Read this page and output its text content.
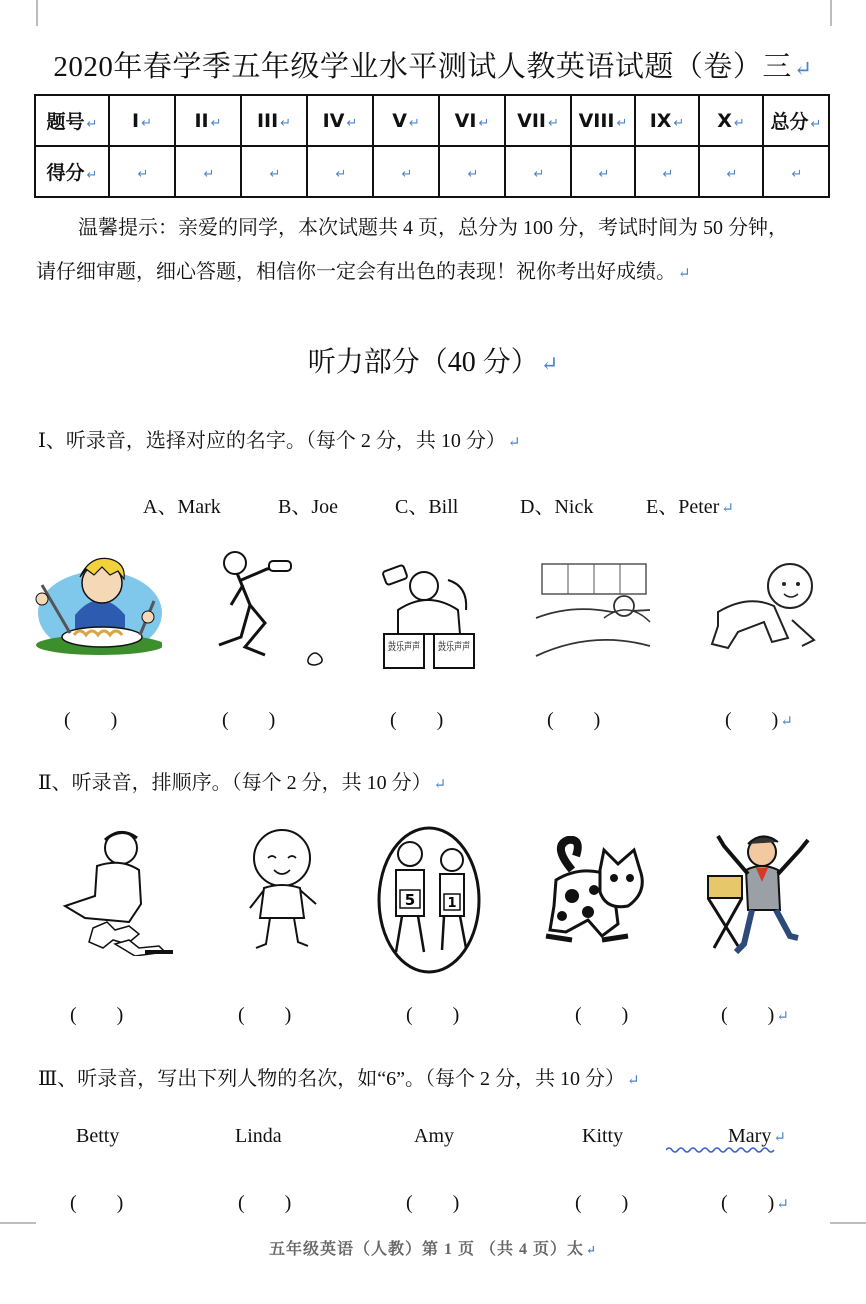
2020年春学季五年级学业水平测试人教英语试题（卷）三↵
题号 ↵	I ↵	II ↵	III ↵	IV ↵	V ↵	VI ↵	VII ↵	VIII ↵	IX ↵	X ↵	总分 ↵
得分 ↵	↵	↵	↵	↵	↵	↵	↵	↵	↵	↵	↵
温馨提示：亲爱的同学，本次试题共 4 页，总分为 100 分，考试时间为 50 分钟，
请仔细审题，细心答题，相信你一定会有出色的表现！祝你考出好成绩。 ↵
听力部分（40 分）↵
Ⅰ、听录音，选择对应的名字。（每个 2 分，共 10 分） ↵
A、Mark	B、Joe	C、Bill	D、Nick	E、Peter ↵
鼓乐声声 鼓乐声声
(　　)	(　　)	(　　)	(　　)	(　　) ↵
Ⅱ、听录音，排顺序。（每个 2 分，共 10 分） ↵
5 1
(　　)	(　　)	(　　)	(　　)	(　　) ↵
Ⅲ、听录音，写出下列人物的名次，如“6”。（每个 2 分，共 10 分） ↵
Betty	Linda	Amy	Kitty	Mary ↵
(　　)	(　　)	(　　)	(　　)	(　　) ↵
五年级英语（人教）第 1 页 （共 4 页）太 ↵
